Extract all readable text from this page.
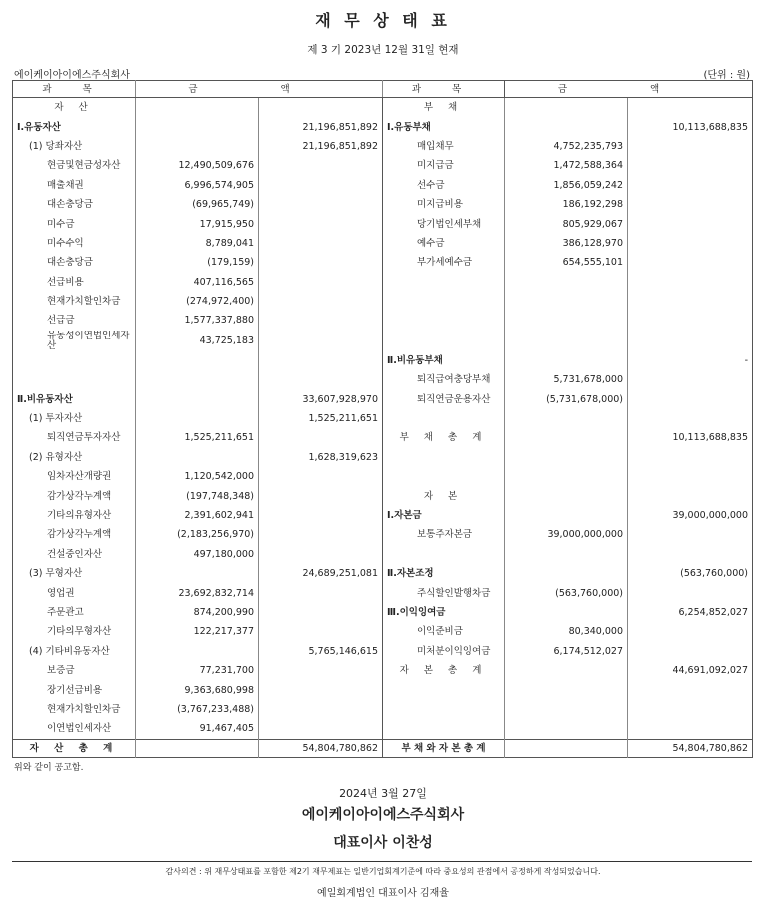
재 무 상 태 표
제 3 기 2023년 12월 31일 현재
에이케이아이에스주식회사	(단위 : 원)
과 목	금 액		과 목	금 액	
자 산			부 채		
Ⅰ.유동자산		21,196,851,892	Ⅰ.유동부채		10,113,688,835
(1) 당좌자산		21,196,851,892	매입채무	4,752,235,793	
현금및현금성자산	12,490,509,676		미지급금	1,472,588,364	
매출채권	6,996,574,905		선수금	1,856,059,242	
대손충당금	(69,965,749)		미지급비용	186,192,298	
미수금	17,915,950		당기법인세부채	805,929,067	
미수수익	8,789,041		예수금	386,128,970	
대손충당금	(179,159)		부가세예수금	654,555,101	
선급비용	407,116,565				
현재가치할인차금	(274,972,400)				
선급금	1,577,337,880				
유동성이연법인세자산	43,725,183				
			Ⅱ.비유동부채		-
			퇴직급여충당부채	5,731,678,000	
Ⅱ.비유동자산		33,607,928,970	퇴직연금운용자산	(5,731,678,000)	
(1) 투자자산		1,525,211,651			
퇴직연금투자자산	1,525,211,651		부 채 총 계		10,113,688,835
(2) 유형자산		1,628,319,623			
임차자산개량권	1,120,542,000				
감가상각누계액	(197,748,348)		자 본		
기타의유형자산	2,391,602,941		Ⅰ.자본금		39,000,000,000
감가상각누계액	(2,183,256,970)		보통주자본금	39,000,000,000	
건설중인자산	497,180,000				
(3) 무형자산		24,689,251,081	Ⅱ.자본조정		(563,760,000)
영업권	23,692,832,714		주식할인발행차금	(563,760,000)	
주문관고	874,200,990		Ⅲ.이익잉여금		6,254,852,027
기타의무형자산	122,217,377		이익준비금	80,340,000	
(4) 기타비유동자산		5,765,146,615	미처분이익잉여금	6,174,512,027	
보증금	77,231,700		자 본 총 계		44,691,092,027
장기선급비용	9,363,680,998				
현재가치할인차금	(3,767,233,488)				
이연법인세자산	91,467,405				
자 산 총 계		54,804,780,862	부 채 와 자 본 총 계		54,804,780,862
위와 같이 공고함.
2024년 3월 27일
에이케이아이에스주식회사
대표이사 이찬성
감사의견 : 위 재무상태표를 포함한 제2기 재무제표는 일반기업회계기준에 따라 중요성의 관점에서 공정하게 작성되었습니다.
예일회계법인 대표이사 김재율
